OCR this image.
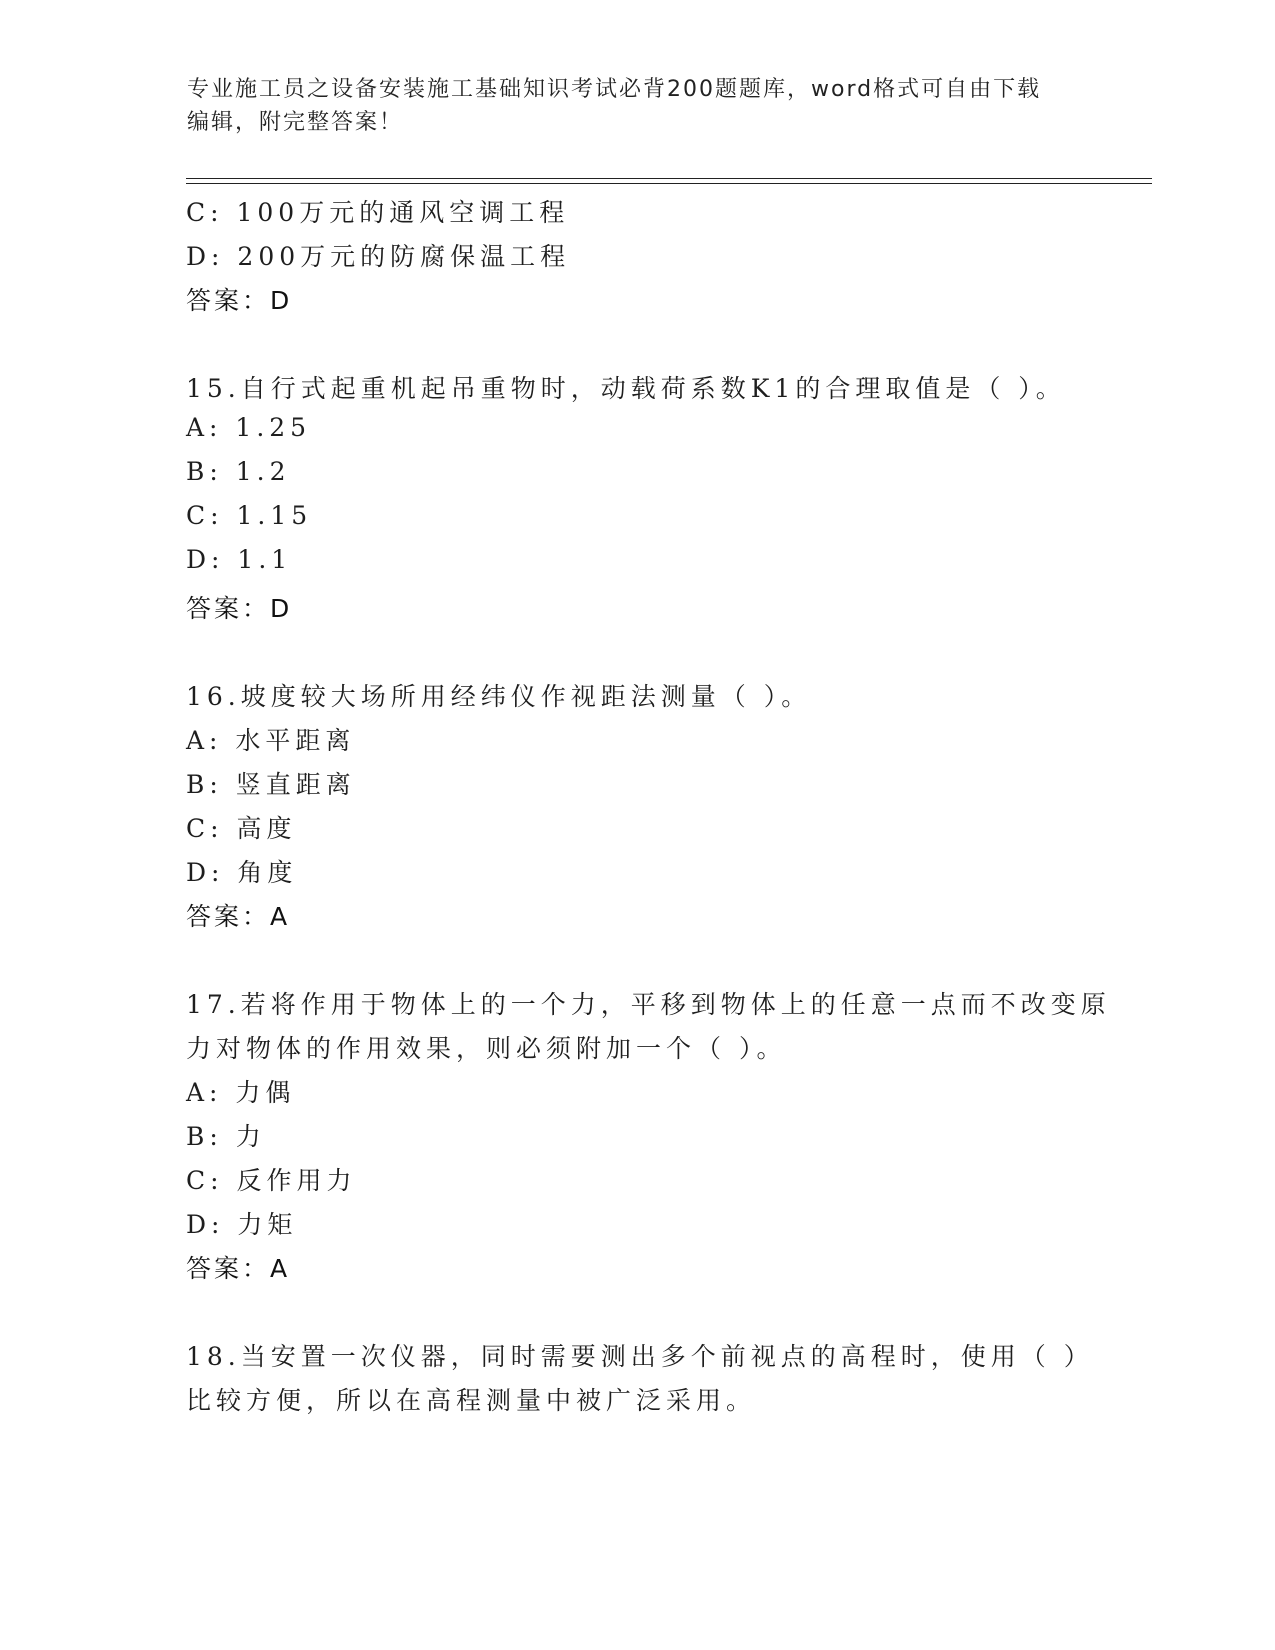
专业施工员之设备安装施工基础知识考试必背200题题库，word格式可自由下载
编辑，附完整答案！
C: 100万元的通风空调工程
D: 200万元的防腐保温工程
答案：D
15.自行式起重机起吊重物时，动载荷系数K1的合理取值是（ ）。
A: 1.25
B: 1.2
C: 1.15
D: 1.1
答案：D
16.坡度较大场所用经纬仪作视距法测量（ ）。
A: 水平距离
B: 竖直距离
C: 高度
D: 角度
答案：A
17.若将作用于物体上的一个力，平移到物体上的任意一点而不改变原
力对物体的作用效果，则必须附加一个（ ）。
A: 力偶
B: 力
C: 反作用力
D: 力矩
答案：A
18.当安置一次仪器，同时需要测出多个前视点的高程时，使用（ ）
比较方便，所以在高程测量中被广泛采用。
